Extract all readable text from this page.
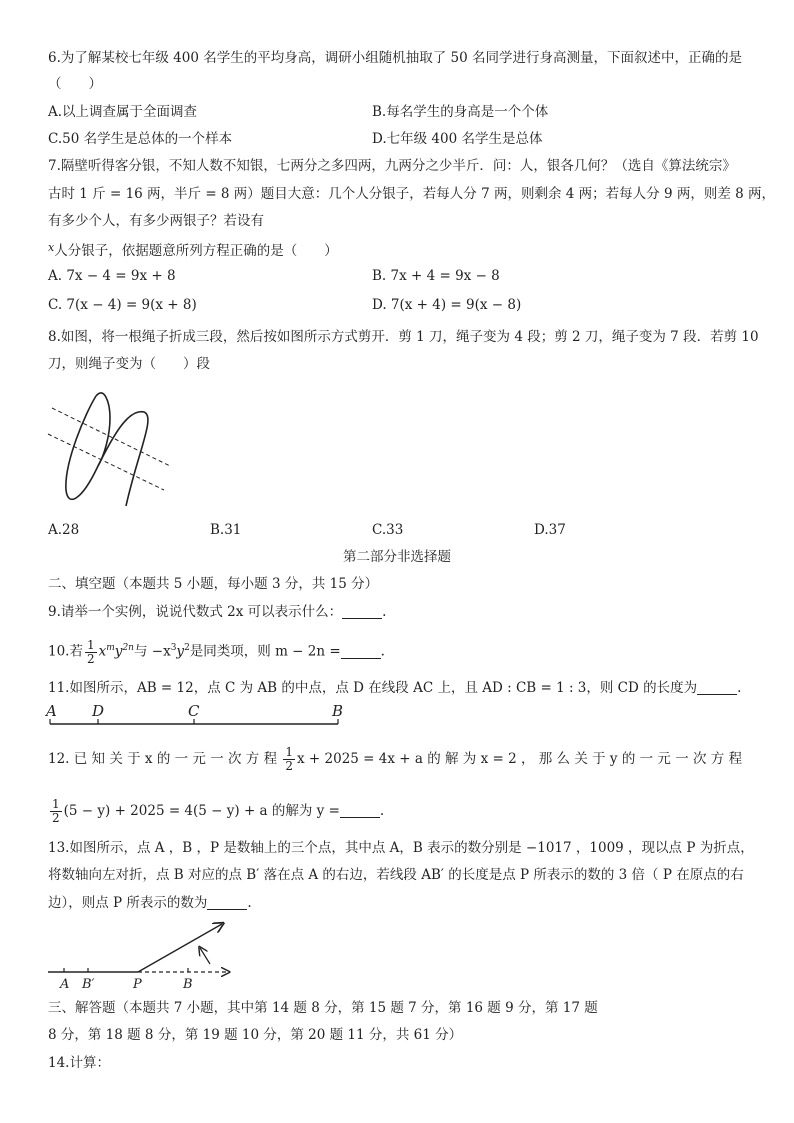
6.为了解某校七年级 400 名学生的平均身高，调研小组随机抽取了 50 名同学进行身高测量，下面叙述中，正确的是
（　　）
A.以上调查属于全面调查	B.每名学生的身高是一个个体
C.50 名学生是总体的一个样本	D.七年级 400 名学生是总体
7.隔壁听得客分银，不知人数不知银，七两分之多四两，九两分之少半斤．问：人，银各几何？（选自《算法统宗》
古时 1 斤 = 16 两，半斤 = 8 两）题目大意：几个人分银子，若每人分 7 两，则剩余 4 两；若每人分 9 两，则差 8 两，
有多少个人，有多少两银子？若设有
$^x$人分银子，依据题意所列方程正确的是（　　）
A. 7x − 4 = 9x + 8	B. 7x + 4 = 9x − 8
C. 7(x − 4) = 9(x + 8)	D. 7(x + 4) = 9(x − 8)
8.如图，将一根绳子折成三段，然后按如图所示方式剪开．剪 1 刀，绳子变为 4 段；剪 2 刀，绳子变为 7 段．若剪 10
刀，则绳子变为（　　）段
A.28	B.31	C.33	D.37
第二部分非选择题
二、填空题（本题共 5 小题，每小题 3 分，共 15 分）
9.请举一个实例，说说代数式 2x 可以表示什么：	.
10.若 $\frac{1}{2} x^my^{2n}$与 $-x^3y^2$是同类项，则 m − 2n =	.
11.如图所示，AB = 12，点 C 为 AB 的中点，点 D 在线段 AC 上，且 AD : CB = 1 : 3，则 CD 的长度为	.
A D	C	B
12. 已 知 关 于 x 的 一 元 一 次 方 程 $\frac{1}{2}$ x + 2025 = 4x + a 的 解 为 x = 2 ， 那 么 关 于 y 的 一 元 一 次 方 程
$\frac{1}{2} (5 - y) + 2025 = 4(5 - y) + a$ 的解为 y =	.
13.如图所示，点 A ，B ，P 是数轴上的三个点，其中点 A，B 表示的数分别是 −1017 ，1009 ，现以点 P 为折点，
将数轴向左对折，点 B 对应的点 B′ 落在点 A 的右边，若线段 AB′ 的长度是点 P 所表示的数的 3 倍（ P 在原点的右
边），则点 P 所表示的数为	.
A B′	P	B
三、解答题（本题共 7 小题，其中第 14 题 8 分，第 15 题 7 分，第 16 题 9 分，第 17 题
8 分，第 18 题 8 分，第 19 题 10 分，第 20 题 11 分，共 61 分）
14.计算：
